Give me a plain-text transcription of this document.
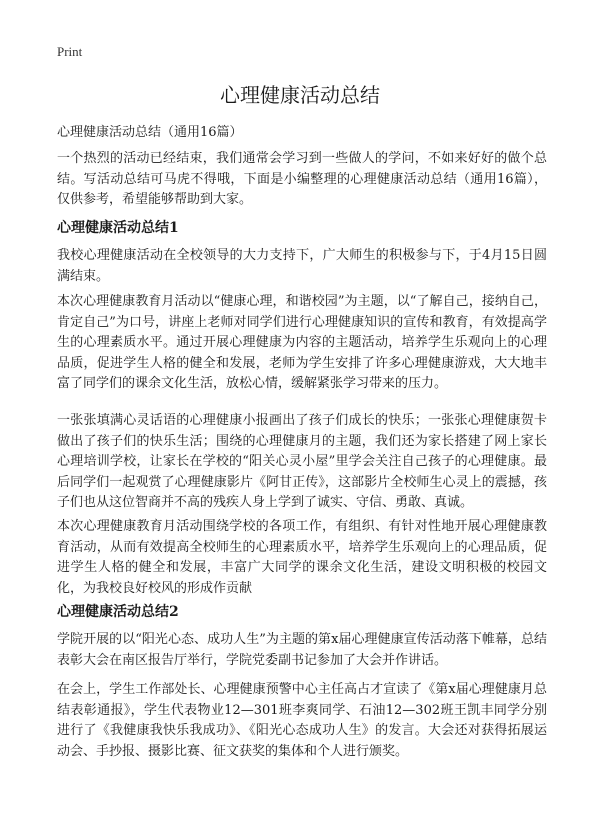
Print
心理健康活动总结

心理健康活动总结（通用16篇）

一个热烈的活动已经结束，我们通常会学习到一些做人的学问，不如来好好的做个总结。写活动总结可马虎不得哦，下面是小编整理的心理健康活动总结（通用16篇），仅供参考，希望能够帮助到大家。

心理健康活动总结1

我校心理健康活动在全校领导的大力支持下，广大师生的积极参与下，于4月15日圆满结束。

本次心理健康教育月活动以“健康心理，和谐校园”为主题，以“了解自己，接纳自己，肯定自己”为口号，讲座上老师对同学们进行心理健康知识的宣传和教育，有效提高学生的心理素质水平。通过开展心理健康为内容的主题活动，培养学生乐观向上的心理品质，促进学生人格的健全和发展，老师为学生安排了许多心理健康游戏，大大地丰富了同学们的课余文化生活，放松心情，缓解紧张学习带来的压力。

一张张填满心灵话语的心理健康小报画出了孩子们成长的快乐；一张张心理健康贺卡做出了孩子们的快乐生活；围绕的心理健康月的主题，我们还为家长搭建了网上家长心理培训学校，让家长在学校的“阳关心灵小屋”里学会关注自己孩子的心理健康。最后同学们一起观赏了心理健康影片《阿甘正传》，这部影片全校师生心灵上的震撼，孩子们也从这位智商并不高的残疾人身上学到了诚实、守信、勇敢、真诚。

本次心理健康教育月活动围绕学校的各项工作，有组织、有针对性地开展心理健康教育活动，从而有效提高全校师生的心理素质水平，培养学生乐观向上的心理品质，促进学生人格的健全和发展，丰富广大同学的课余文化生活，建设文明积极的校园文化，为我校良好校风的形成作贡献

心理健康活动总结2

学院开展的以“阳光心态、成功人生”为主题的第x届心理健康宣传活动落下帷幕，总结表彰大会在南区报告厅举行，学院党委副书记参加了大会并作讲话。

在会上，学生工作部处长、心理健康预警中心主任高占才宣读了《第x届心理健康月总结表彰通报》，学生代表物业12—301班李爽同学、石油12—302班王凯丰同学分别进行了《我健康我快乐我成功》、《阳光心态成功人生》的发言。大会还对获得拓展运动会、手抄报、摄影比赛、征文获奖的集体和个人进行颁奖。
